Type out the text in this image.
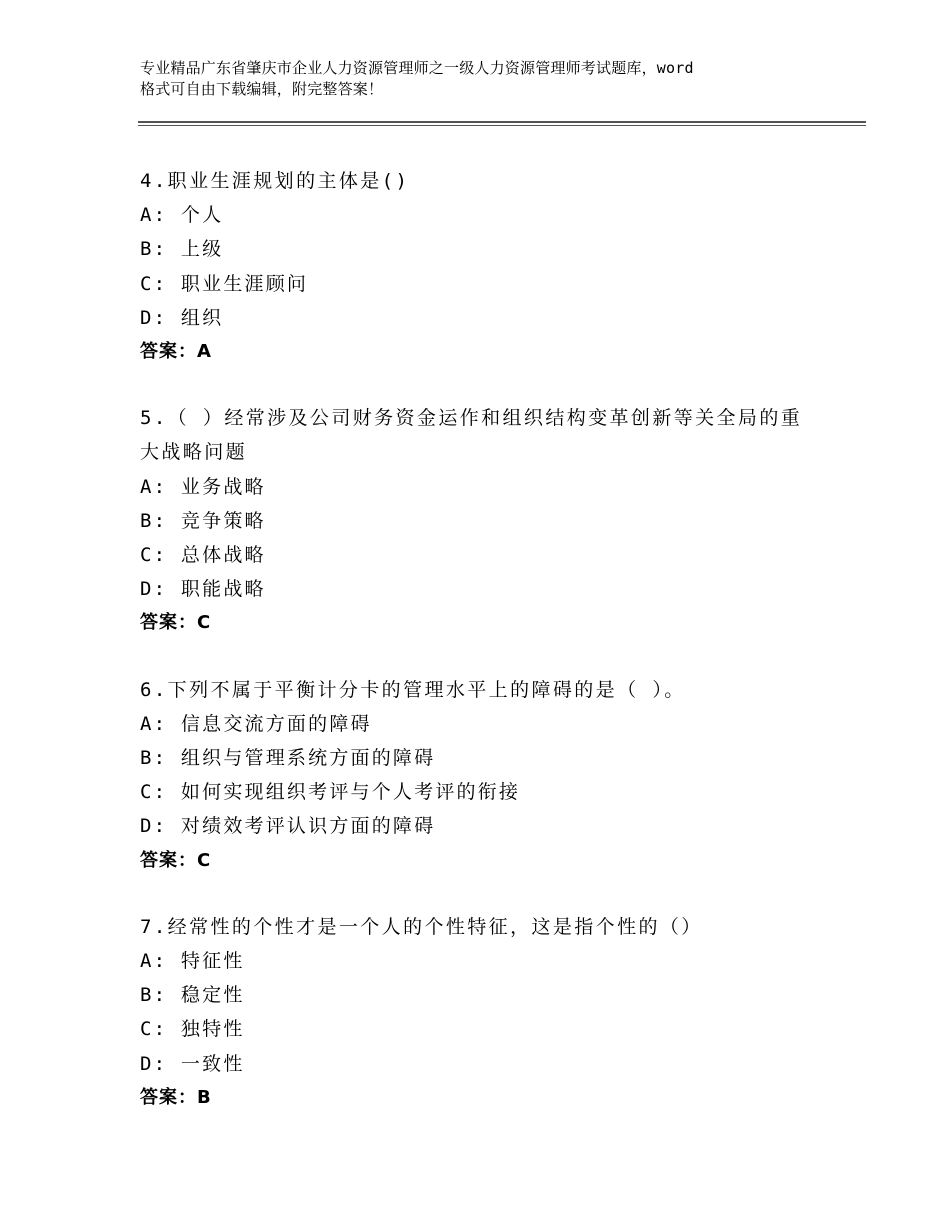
专业精品广东省肇庆市企业人力资源管理师之一级人力资源管理师考试题库，word
格式可自由下载编辑，附完整答案！
4.职业生涯规划的主体是()
A: 个人
B: 上级
C: 职业生涯顾问
D: 组织
答案：A
5.（ ）经常涉及公司财务资金运作和组织结构变革创新等关全局的重
大战略问题
A: 业务战略
B: 竞争策略
C: 总体战略
D: 职能战略
答案：C
6.下列不属于平衡计分卡的管理水平上的障碍的是（ ）。
A: 信息交流方面的障碍
B: 组织与管理系统方面的障碍
C: 如何实现组织考评与个人考评的衔接
D: 对绩效考评认识方面的障碍
答案：C
7.经常性的个性才是一个人的个性特征，这是指个性的（）
A: 特征性
B: 稳定性
C: 独特性
D: 一致性
答案：B
